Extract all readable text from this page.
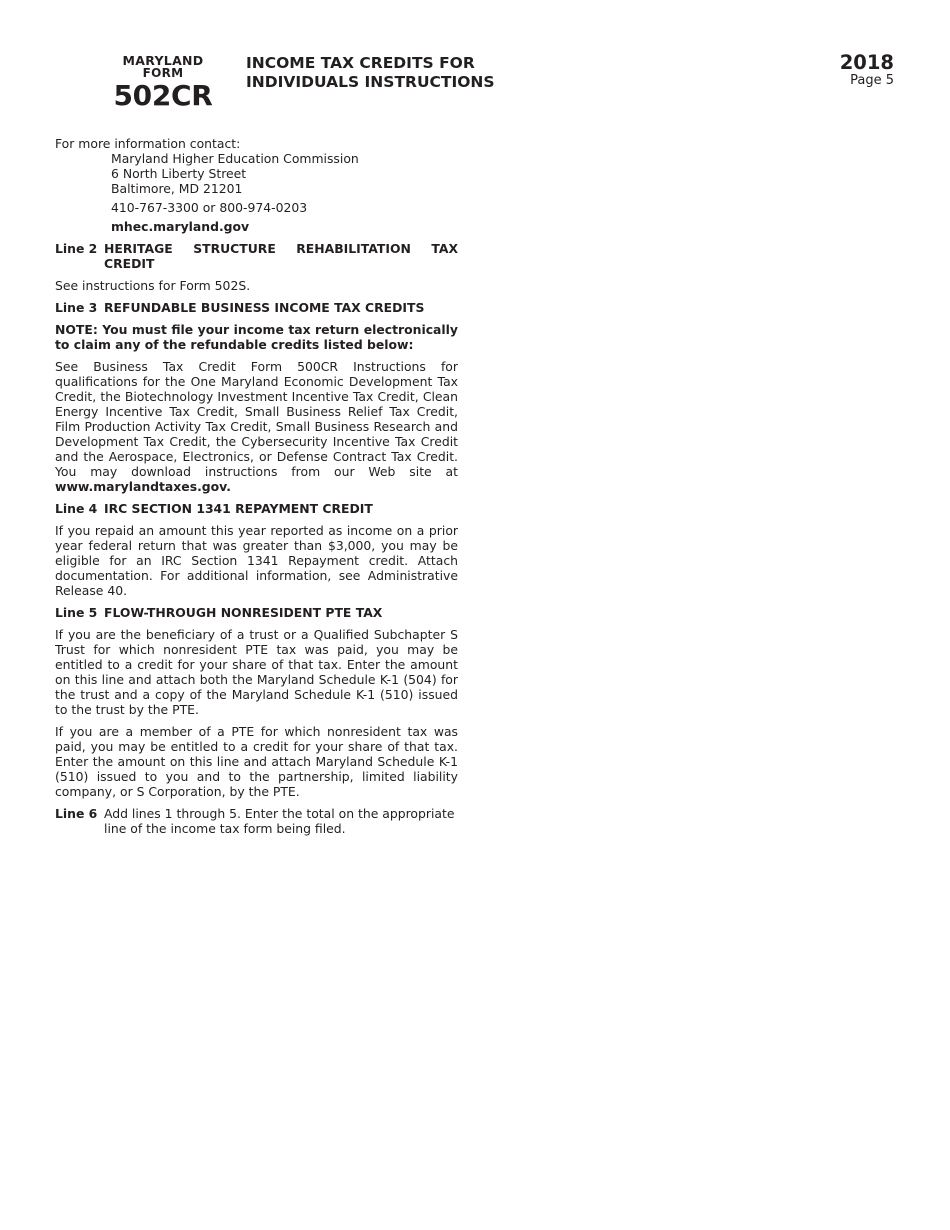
MARYLAND
FORM
502CR
INCOME TAX CREDITS FOR
INDIVIDUALS INSTRUCTIONS
2018
Page 5

For more information contact:

Maryland Higher Education Commission
6 North Liberty Street
Baltimore, MD 21201
410-767-3300 or 800-974-0203
mhec.maryland.gov
Line 2 HERITAGE STRUCTURE REHABILITATION TAX CREDIT

See instructions for Form 502S.

Line 3 REFUNDABLE BUSINESS INCOME TAX CREDITS

NOTE: You must file your income tax return electronically to claim any of the refundable credits listed below:

See Business Tax Credit Form 500CR Instructions for qualifications for the One Maryland Economic Development Tax Credit, the Biotechnology Investment Incentive Tax Credit, Clean Energy Incentive Tax Credit, Small Business Relief Tax Credit, Film Production Activity Tax Credit, Small Business Research and Development Tax Credit, the Cybersecurity Incentive Tax Credit and the Aerospace, Electronics, or Defense Contract Tax Credit. You may download instructions from our Web site at www.marylandtaxes.gov.

Line 4 IRC SECTION 1341 REPAYMENT CREDIT

If you repaid an amount this year reported as income on a prior year federal return that was greater than $3,000, you may be eligible for an IRC Section 1341 Repayment credit. Attach documentation. For additional information, see Administrative Release 40.

Line 5 FLOW-THROUGH NONRESIDENT PTE TAX

If you are the beneficiary of a trust or a Qualified Subchapter S Trust for which nonresident PTE tax was paid, you may be entitled to a credit for your share of that tax. Enter the amount on this line and attach both the Maryland Schedule K-1 (504) for the trust and a copy of the Maryland Schedule K-1 (510) issued to the trust by the PTE.

If you are a member of a PTE for which nonresident tax was paid, you may be entitled to a credit for your share of that tax. Enter the amount on this line and attach Maryland Schedule K-1 (510) issued to you and to the partnership, limited liability company, or S Corporation, by the PTE.

Line 6 Add lines 1 through 5. Enter the total on the appropriate line of the income tax form being filed.
